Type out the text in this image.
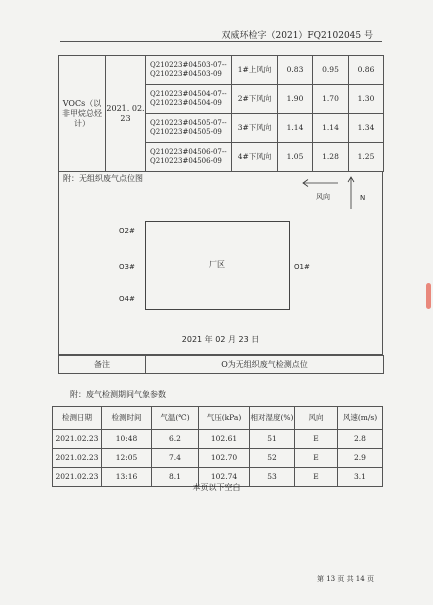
双威环检字（2021）FQ2102045 号
VOCs（以非甲烷总烃计）	2021. 02. 23	Q210223#04503-07--Q210223#04503-09	1#上风向	0.83	0.95	0.86
		Q210223#04504-07--Q210223#04504-09	2#下风向	1.90	1.70	1.30
		Q210223#04505-07--Q210223#04505-09	3#下风向	1.14	1.14	1.34
		Q210223#04506-07--Q210223#04506-09	4#下风向	1.05	1.28	1.25
附：无组织废气点位图
风向	N
厂区
O2#
O3#
O4#
O1#
2021 年 02 月 23 日
备注	O为无组织废气检测点位
附：废气检测期间气象参数
检测日期	检测时间	气温(℃)	气压(kPa)	相对湿度(%)	风向	风速(m/s)
2021.02.23	10:48	6.2	102.61	51	E	2.8
2021.02.23	12:05	7.4	102.70	52	E	2.9
2021.02.23	13:16	8.1	102.74	53	E	3.1
本页以下空白
第 13 页 共 14 页
